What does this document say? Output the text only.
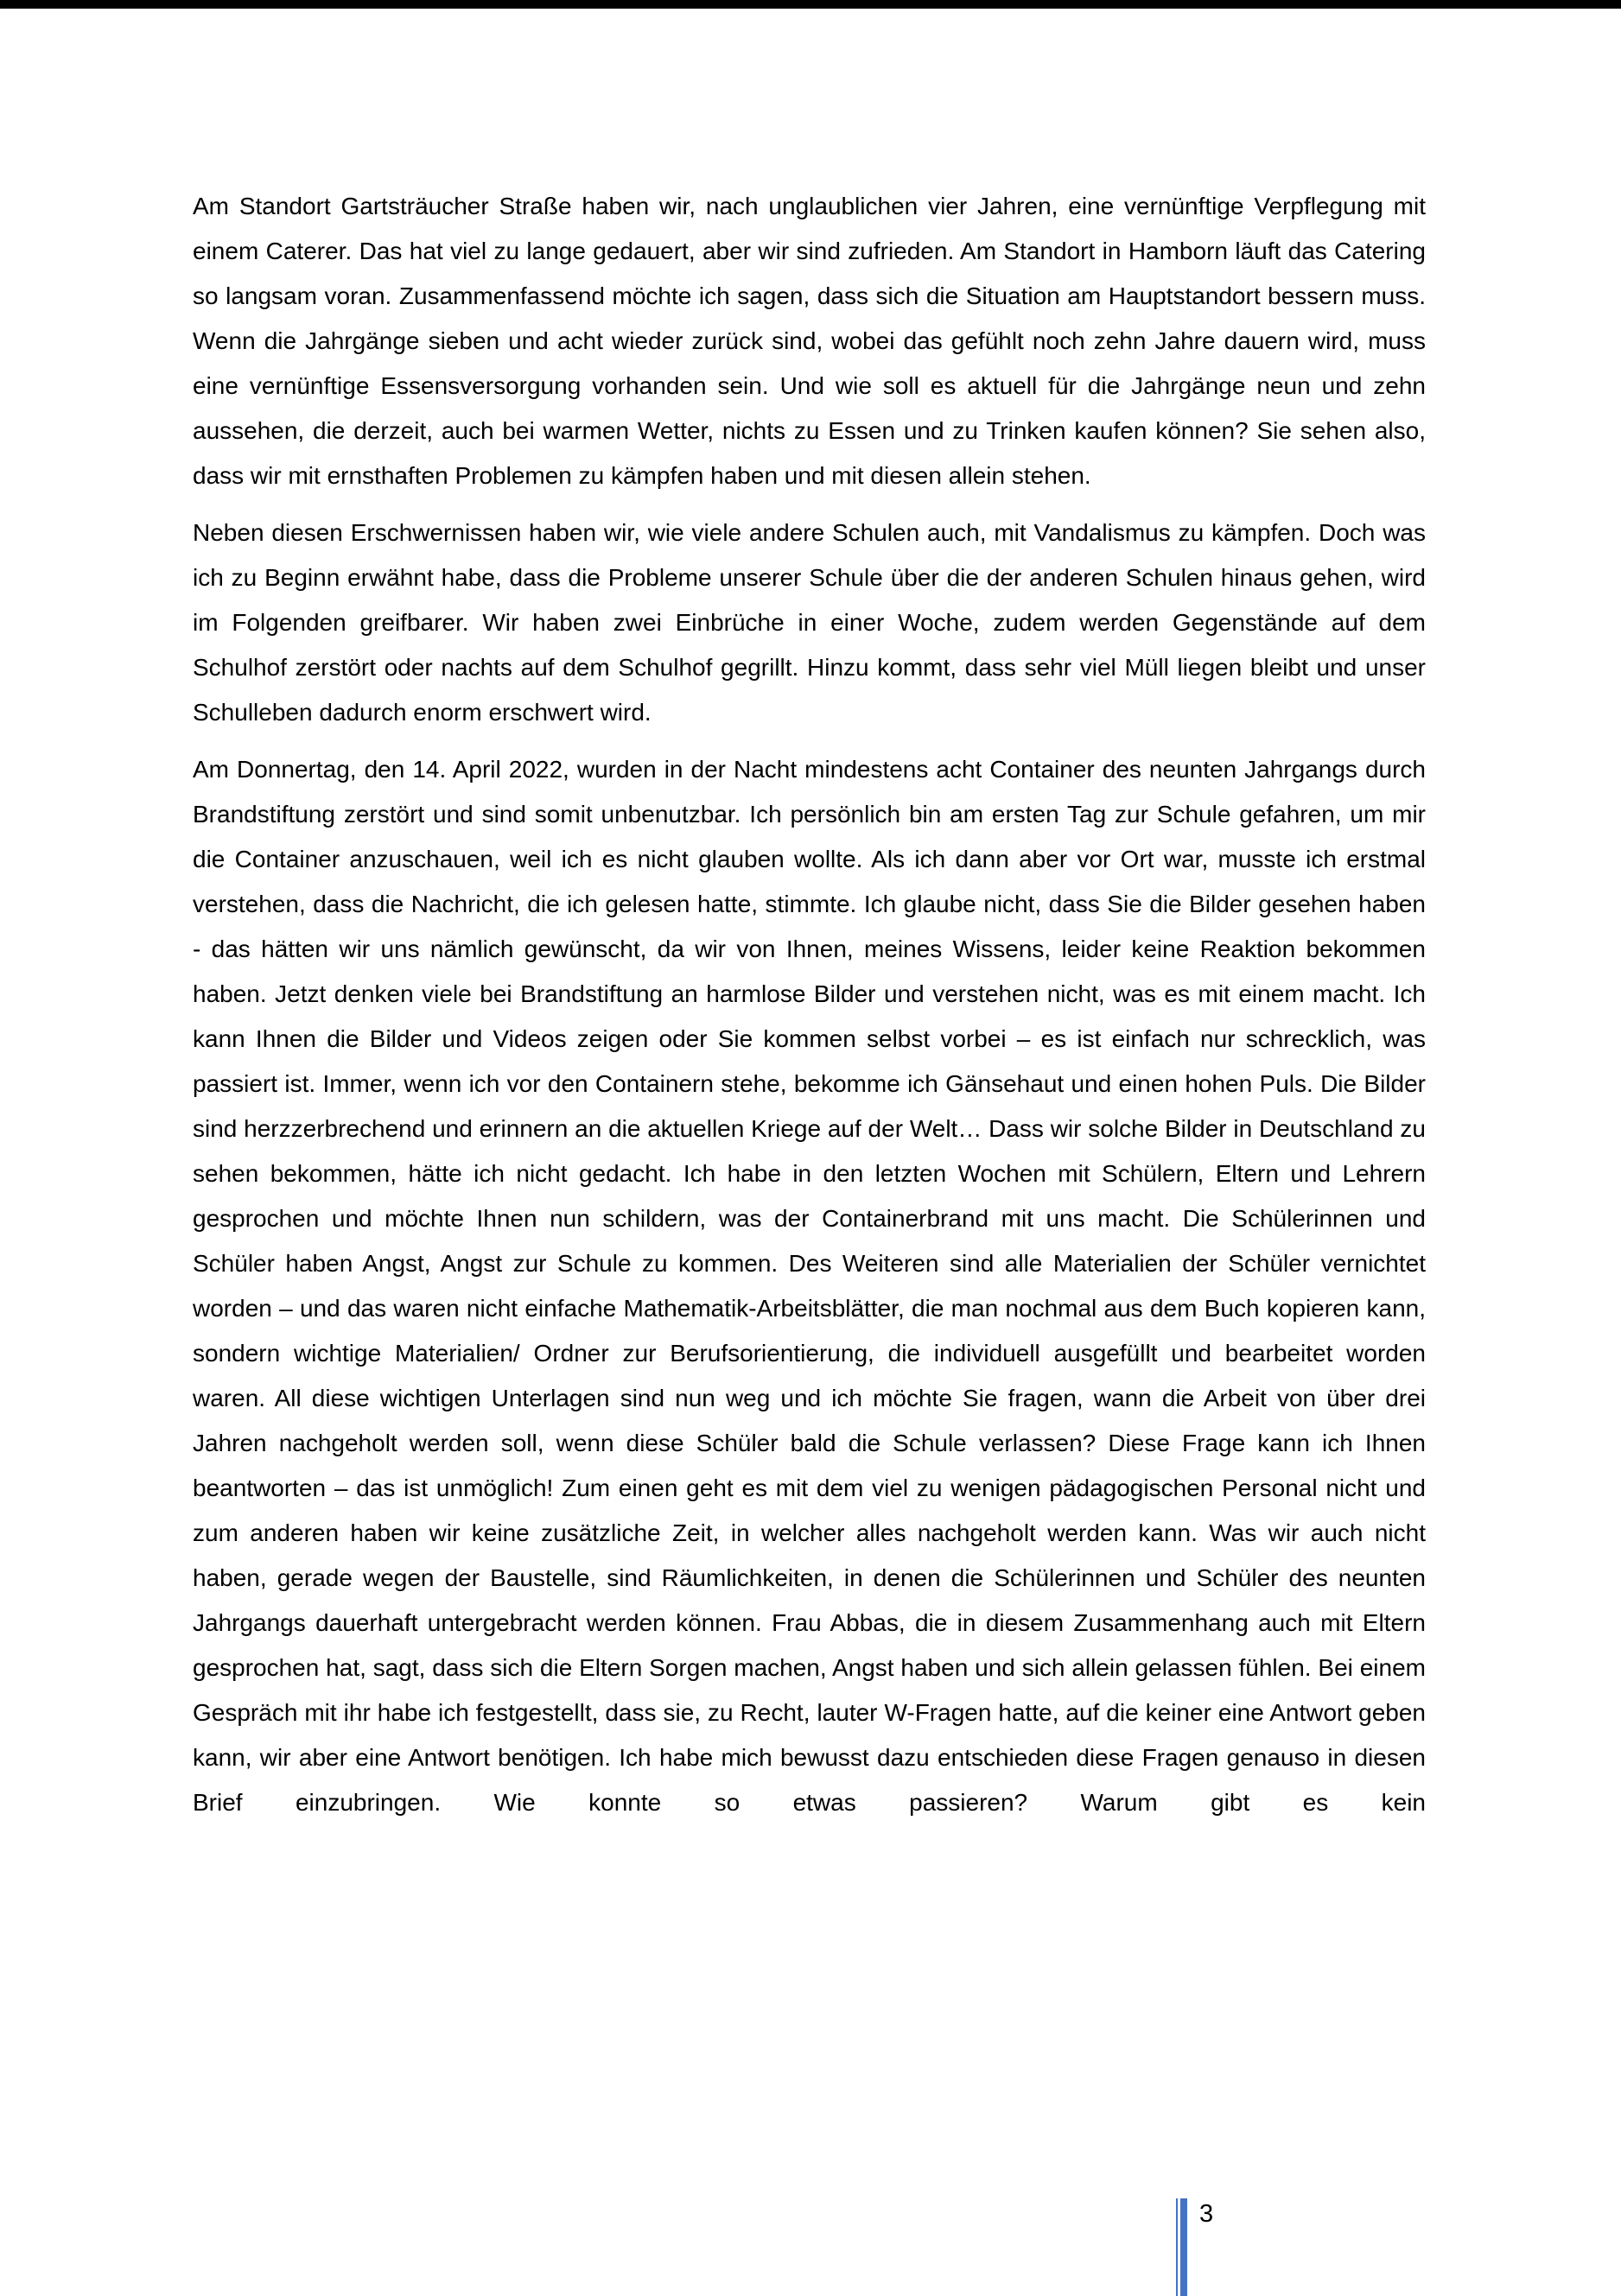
Am Standort Gartsträucher Straße haben wir, nach unglaublichen vier Jahren, eine vernünftige Verpflegung mit einem Caterer. Das hat viel zu lange gedauert, aber wir sind zufrieden. Am Standort in Hamborn läuft das Catering so langsam voran. Zusammenfassend möchte ich sagen, dass sich die Situation am Hauptstandort bessern muss. Wenn die Jahrgänge sieben und acht wieder zurück sind, wobei das gefühlt noch zehn Jahre dauern wird, muss eine vernünftige Essensversorgung vorhanden sein. Und wie soll es aktuell für die Jahrgänge neun und zehn aussehen, die derzeit, auch bei warmen Wetter, nichts zu Essen und zu Trinken kaufen können? Sie sehen also, dass wir mit ernsthaften Problemen zu kämpfen haben und mit diesen allein stehen.

Neben diesen Erschwernissen haben wir, wie viele andere Schulen auch, mit Vandalismus zu kämpfen. Doch was ich zu Beginn erwähnt habe, dass die Probleme unserer Schule über die der anderen Schulen hinaus gehen, wird im Folgenden greifbarer. Wir haben zwei Einbrüche in einer Woche, zudem werden Gegenstände auf dem Schulhof zerstört oder nachts auf dem Schulhof gegrillt. Hinzu kommt, dass sehr viel Müll liegen bleibt und unser Schulleben dadurch enorm erschwert wird.

Am Donnertag, den 14. April 2022, wurden in der Nacht mindestens acht Container des neunten Jahrgangs durch Brandstiftung zerstört und sind somit unbenutzbar. Ich persönlich bin am ersten Tag zur Schule gefahren, um mir die Container anzuschauen, weil ich es nicht glauben wollte. Als ich dann aber vor Ort war, musste ich erstmal verstehen, dass die Nachricht, die ich gelesen hatte, stimmte. Ich glaube nicht, dass Sie die Bilder gesehen haben - das hätten wir uns nämlich gewünscht, da wir von Ihnen, meines Wissens, leider keine Reaktion bekommen haben. Jetzt denken viele bei Brandstiftung an harmlose Bilder und verstehen nicht, was es mit einem macht. Ich kann Ihnen die Bilder und Videos zeigen oder Sie kommen selbst vorbei – es ist einfach nur schrecklich, was passiert ist. Immer, wenn ich vor den Containern stehe, bekomme ich Gänsehaut und einen hohen Puls. Die Bilder sind herzzerbrechend und erinnern an die aktuellen Kriege auf der Welt… Dass wir solche Bilder in Deutschland zu sehen bekommen, hätte ich nicht gedacht. Ich habe in den letzten Wochen mit Schülern, Eltern und Lehrern gesprochen und möchte Ihnen nun schildern, was der Containerbrand mit uns macht. Die Schülerinnen und Schüler haben Angst, Angst zur Schule zu kommen. Des Weiteren sind alle Materialien der Schüler vernichtet worden – und das waren nicht einfache Mathematik-Arbeitsblätter, die man nochmal aus dem Buch kopieren kann, sondern wichtige Materialien/ Ordner zur Berufsorientierung, die individuell ausgefüllt und bearbeitet worden waren. All diese wichtigen Unterlagen sind nun weg und ich möchte Sie fragen, wann die Arbeit von über drei Jahren nachgeholt werden soll, wenn diese Schüler bald die Schule verlassen? Diese Frage kann ich Ihnen beantworten – das ist unmöglich! Zum einen geht es mit dem viel zu wenigen pädagogischen Personal nicht und zum anderen haben wir keine zusätzliche Zeit, in welcher alles nachgeholt werden kann. Was wir auch nicht haben, gerade wegen der Baustelle, sind Räumlichkeiten, in denen die Schülerinnen und Schüler des neunten Jahrgangs dauerhaft untergebracht werden können. Frau Abbas, die in diesem Zusammenhang auch mit Eltern gesprochen hat, sagt, dass sich die Eltern Sorgen machen, Angst haben und sich allein gelassen fühlen. Bei einem Gespräch mit ihr habe ich festgestellt, dass sie, zu Recht, lauter W-Fragen hatte, auf die keiner eine Antwort geben kann, wir aber eine Antwort benötigen. Ich habe mich bewusst dazu entschieden diese Fragen genauso in diesen Brief einzubringen. Wie konnte so etwas passieren? Warum gibt es kein

3
